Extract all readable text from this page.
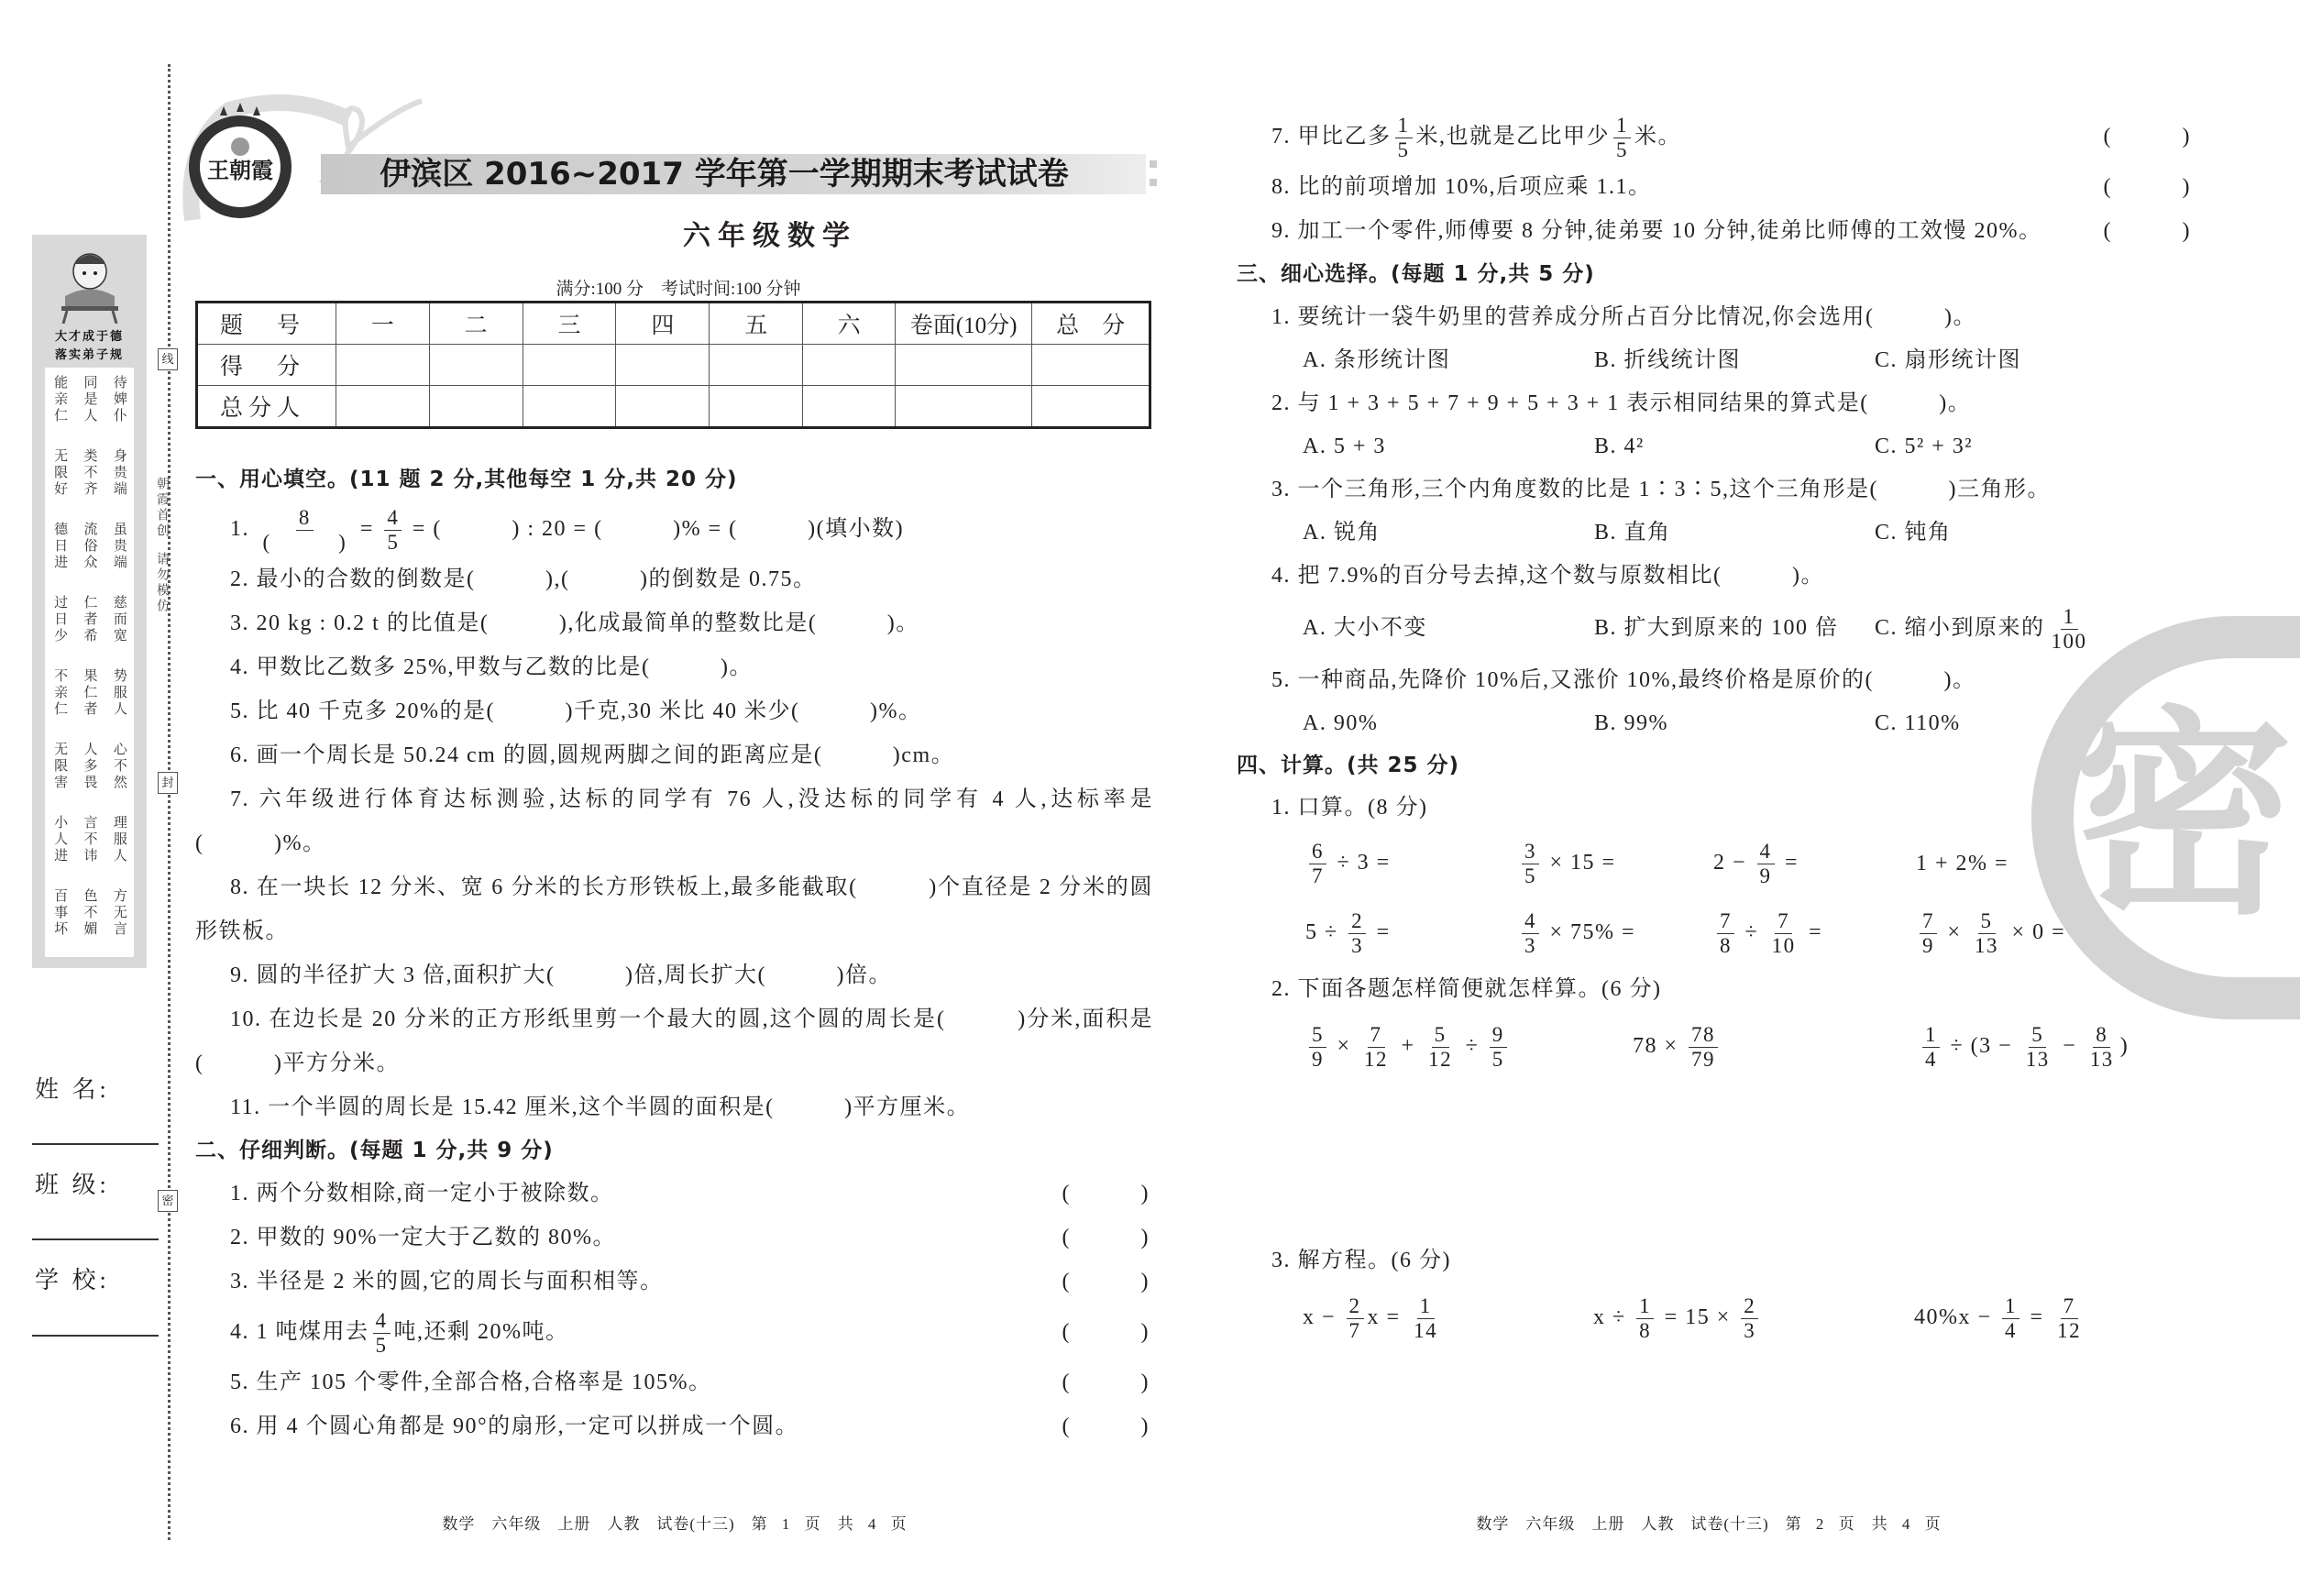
大才成于德
落实弟子规
能亲仁 同是人 待婢仆
无限好 类不齐 身贵端
德日进 流俗众 虽贵端
过日少 仁者希 慈而宽
不亲仁 果仁者 势服人
无限害 人多畏 心不然
小人进 言不讳 理服人
百事坏 色不媚 方无言
线
封
密
朝霞首创
请勿模仿
姓 名:
班 级:
学 校:
王朝霞	伊滨区 2016~2017 学年第一学期期末考试试卷
六年级数学
满分:100 分　考试时间:100 分钟
题　号	一	二	三	四	五	六	卷面(10分)	总　分
得　分								
总分人								
一、用心填空。(11 题 2 分,其他每空 1 分,共 20 分)
1. $\frac{8}{( )} = \frac{4}{5}$ = (　　　) : 20 = (　　　)% = (　　　)(填小数)
2. 最小的合数的倒数是(　　　),(　　　)的倒数是 0.75。
3. 20 kg : 0.2 t 的比值是(　　　),化成最简单的整数比是(　　　)。
4. 甲数比乙数多 25%,甲数与乙数的比是(　　　)。
5. 比 40 千克多 20%的是(　　　)千克,30 米比 40 米少(　　　)%。
6. 画一个周长是 50.24 cm 的圆,圆规两脚之间的距离应是(　　　)cm。
7. 六年级进行体育达标测验,达标的同学有 76 人,没达标的同学有 4 人,达标率是(　　　)%。
8. 在一块长 12 分米、宽 6 分米的长方形铁板上,最多能截取(　　　)个直径是 2 分米的圆形铁板。
9. 圆的半径扩大 3 倍,面积扩大(　　　)倍,周长扩大(　　　)倍。
10. 在边长是 20 分米的正方形纸里剪一个最大的圆,这个圆的周长是(　　　)分米,面积是(　　　)平方分米。
11. 一个半圆的周长是 15.42 厘米,这个半圆的面积是(　　　)平方厘米。
二、仔细判断。(每题 1 分,共 9 分)
1. 两个分数相除,商一定小于被除数。	(　　　)
2. 甲数的 90%一定大于乙数的 80%。	(　　　)
3. 半径是 2 米的圆,它的周长与面积相等。	(　　　)
4. 1 吨煤用去 $\frac{4}{5}$ 吨,还剩 20%吨。	(　　　)
5. 生产 105 个零件,全部合格,合格率是 105%。	(　　　)
6. 用 4 个圆心角都是 90°的扇形,一定可以拼成一个圆。	(　　　)
密
7. 甲比乙多 $\frac{1}{5}$ 米,也就是乙比甲少 $\frac{1}{5}$ 米。	(　　　)
8. 比的前项增加 10%,后项应乘 1.1。	(　　　)
9. 加工一个零件,师傅要 8 分钟,徒弟要 10 分钟,徒弟比师傅的工效慢 20%。	(　　　)
三、细心选择。(每题 1 分,共 5 分)
1. 要统计一袋牛奶里的营养成分所占百分比情况,你会选用(　　　)。
A. 条形统计图	B. 折线统计图	C. 扇形统计图
2. 与 1 + 3 + 5 + 7 + 9 + 5 + 3 + 1 表示相同结果的算式是(　　　)。
A. 5 + 3	B. 4²	C. 5² + 3²
3. 一个三角形,三个内角度数的比是 1∶3∶5,这个三角形是(　　　)三角形。
A. 锐角	B. 直角	C. 钝角
4. 把 7.9%的百分号去掉,这个数与原数相比(　　　)。
A. 大小不变	B. 扩大到原来的 100 倍	C. 缩小到原来的 $\frac{1}{100}$
5. 一种商品,先降价 10%后,又涨价 10%,最终价格是原价的(　　　)。
A. 90%	B. 99%	C. 110%
四、计算。(共 25 分)
1. 口算。(8 分)
$\frac{6}{7} \div 3$ =	$\frac{3}{5} \times 15$ =	$2 - \frac{4}{9}$ =	1 + 2% =
$5 \div \frac{2}{3}$ =	$\frac{4}{3} \times 75\%$ =	$\frac{7}{8} \div \frac{7}{10}$ =	$\frac{7}{9} \times \frac{5}{13} \times 0$ =
2. 下面各题怎样简便就怎样算。(6 分)
$\frac{5}{9} \times \frac{7}{12} + \frac{5}{12} \div \frac{9}{5}$	$78 \times \frac{78}{79}$	$\frac{1}{4} \div (3 - \frac{5}{13} - \frac{8}{13}$ )
3. 解方程。(6 分)
$x - \frac{2}{7}$ $x = \frac{1}{14}$	$x \div \frac{1}{8} = 15 \times \frac{2}{3}$	$40\%x - \frac{1}{4} = \frac{7}{12}$
数学　六年级　上册　人教　试卷(十三)　第 1 页　共 4 页	数学　六年级　上册　人教　试卷(十三)　第 2 页　共 4 页
